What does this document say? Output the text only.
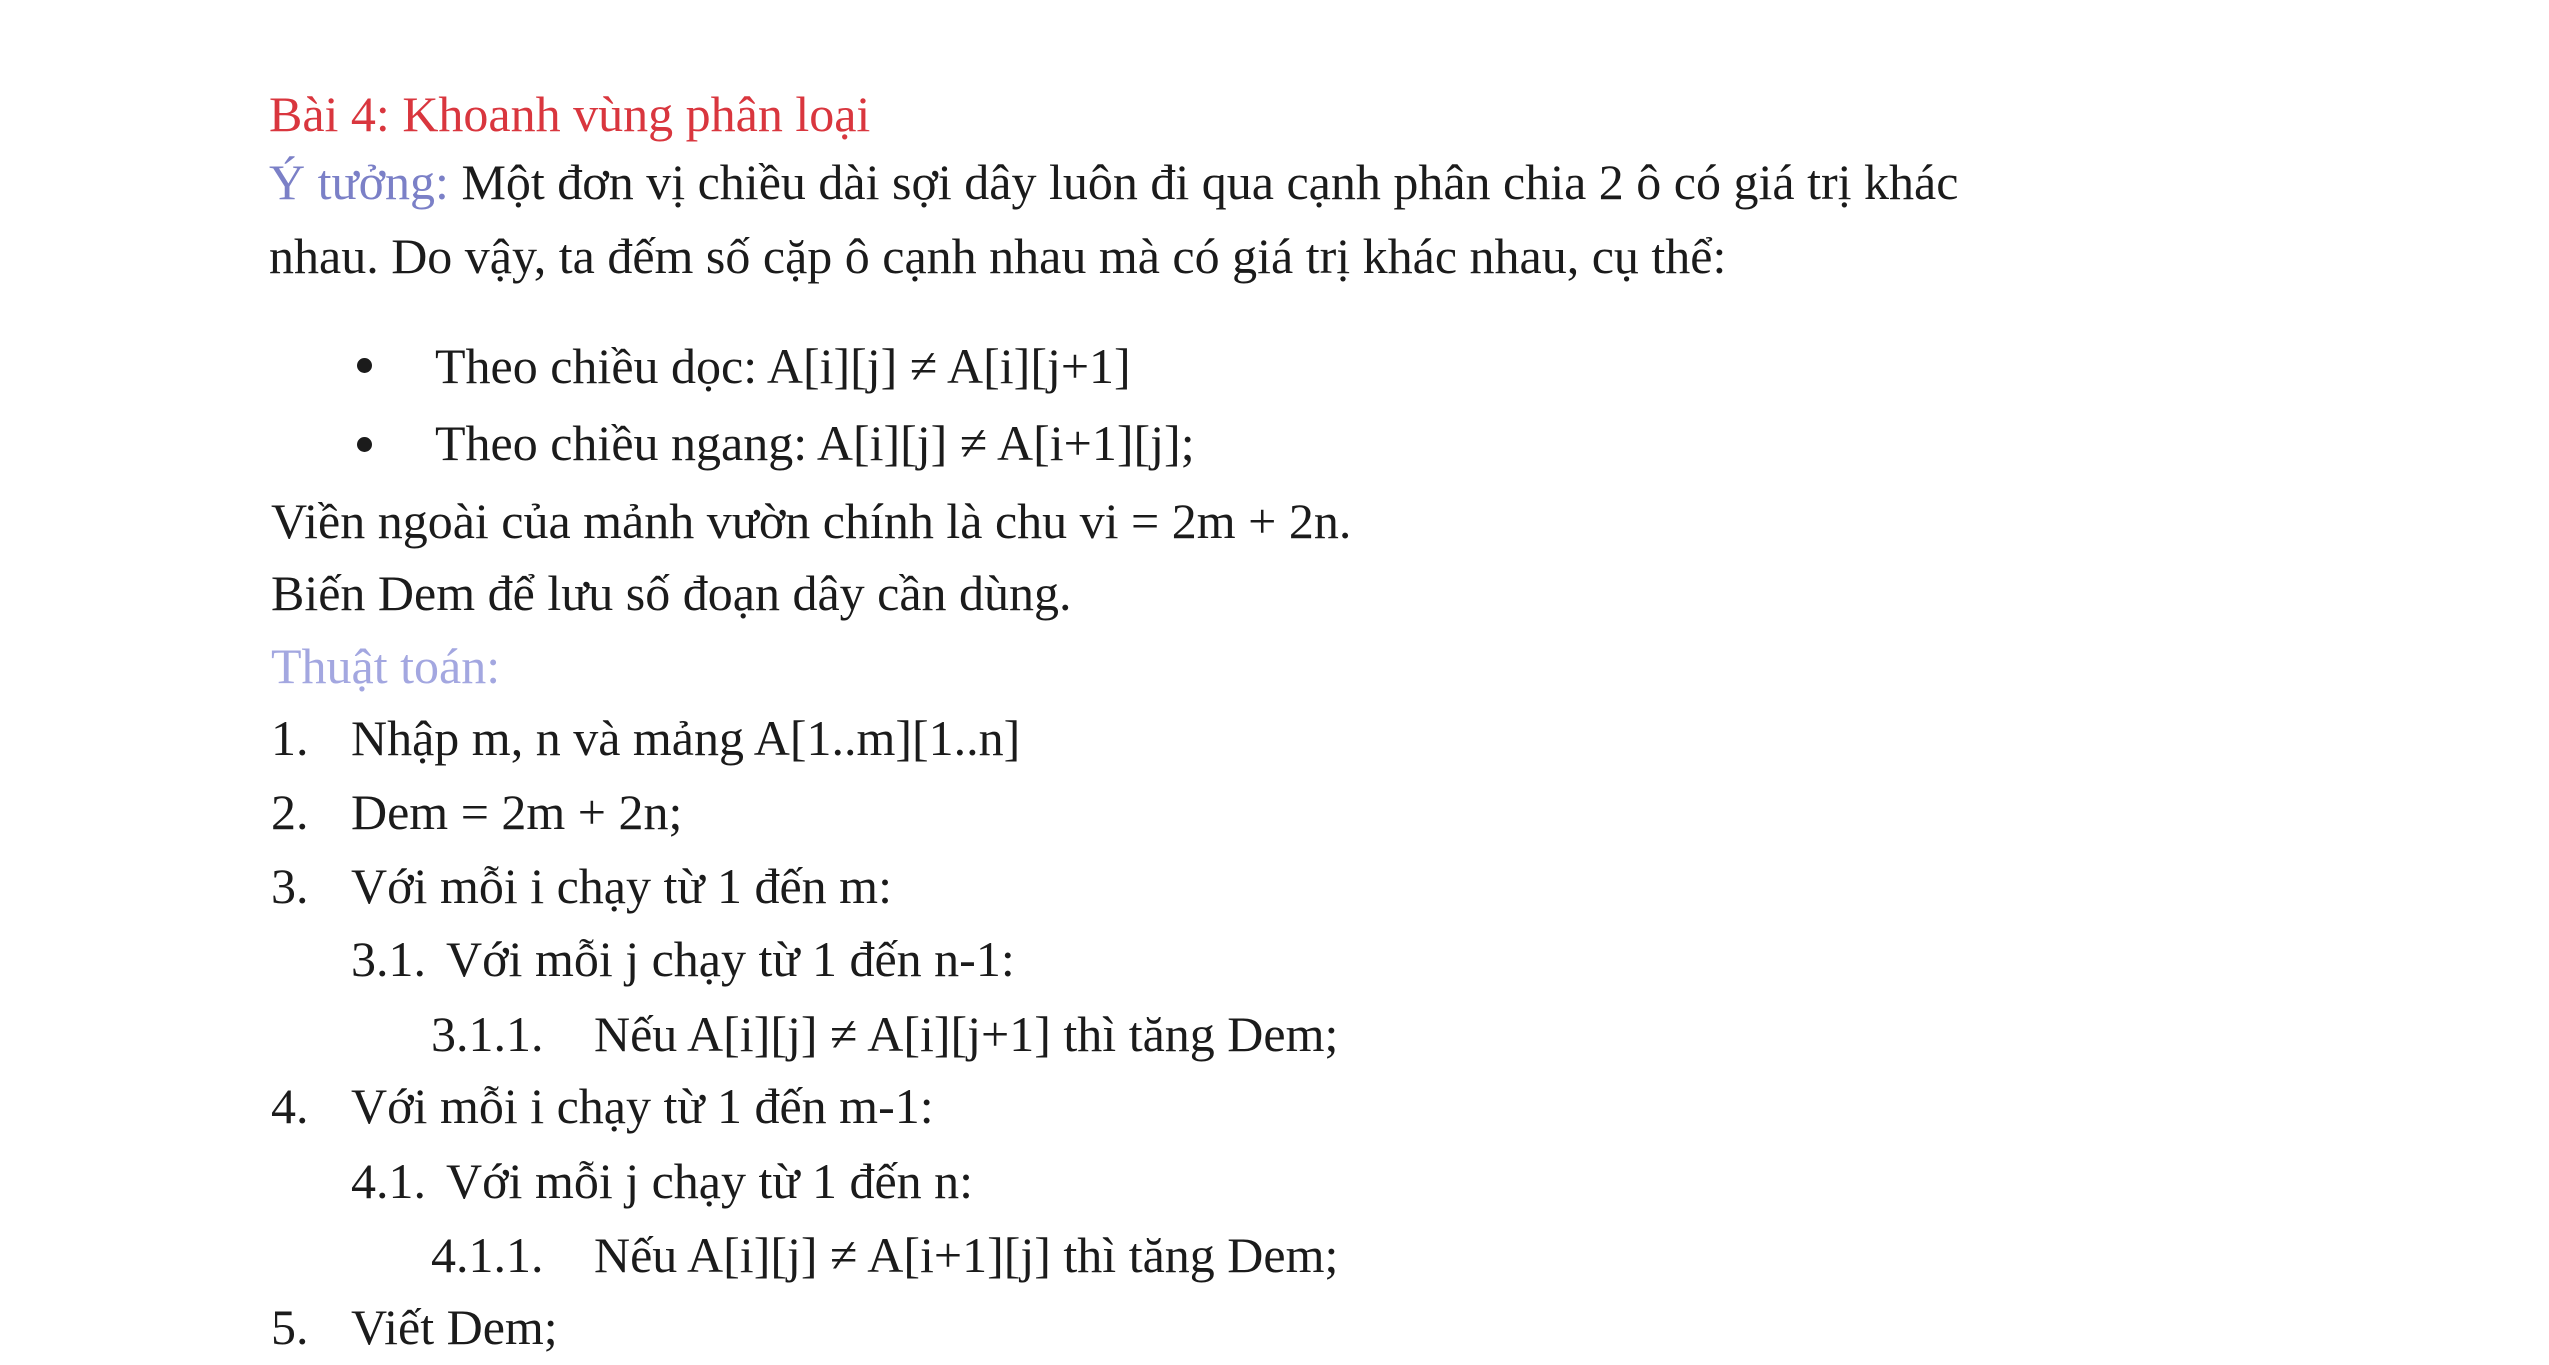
Bài 4: Khoanh vùng phân loại
Ý tưởng: Một đơn vị chiều dài sợi dây luôn đi qua cạnh phân chia 2 ô có giá trị khác
nhau. Do vậy, ta đếm số cặp ô cạnh nhau mà có giá trị khác nhau, cụ thể:
Theo chiều dọc: A[i][j] ≠ A[i][j+1]
Theo chiều ngang: A[i][j] ≠ A[i+1][j];
Viền ngoài của mảnh vườn chính là chu vi = 2m + 2n.
Biến Dem để lưu số đoạn dây cần dùng.
Thuật toán:
1. Nhập m, n và mảng A[1..m][1..n]
2. Dem = 2m + 2n;
3. Với mỗi i chạy từ 1 đến m:
3.1. Với mỗi j chạy từ 1 đến n-1:
3.1.1. Nếu A[i][j] ≠ A[i][j+1] thì tăng Dem;
4. Với mỗi i chạy từ 1 đến m-1:
4.1. Với mỗi j chạy từ 1 đến n:
4.1.1. Nếu A[i][j] ≠ A[i+1][j] thì tăng Dem;
5. Viết Dem;
